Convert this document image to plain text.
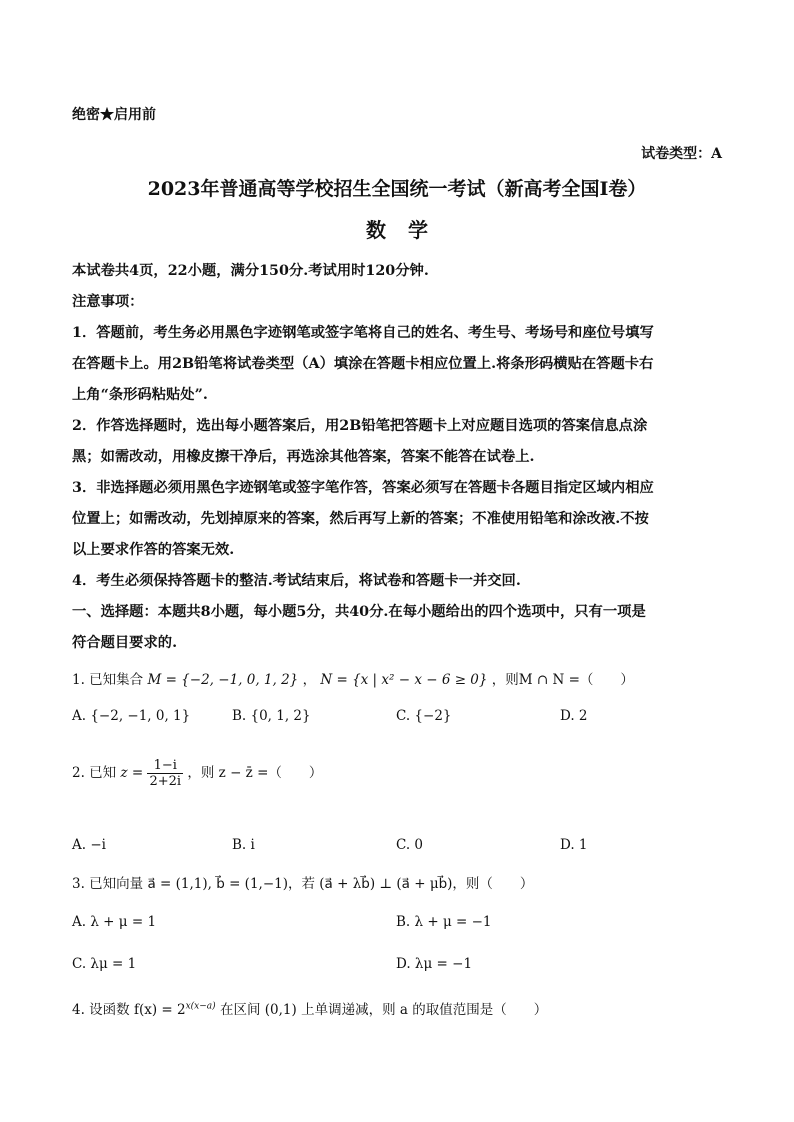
绝密★启用前
试卷类型：A
2023年普通高等学校招生全国统一考试（新高考全国Ⅰ卷）
数学
本试卷共4页，22小题，满分150分.考试用时120分钟.
注意事项：
1．答题前，考生务必用黑色字迹钢笔或签字笔将自己的姓名、考生号、考场号和座位号填写
在答题卡上。用2B铅笔将试卷类型（A）填涂在答题卡相应位置上.将条形码横贴在答题卡右
上角“条形码粘贴处”.
2．作答选择题时，选出每小题答案后，用2B铅笔把答题卡上对应题目选项的答案信息点涂
黑；如需改动，用橡皮擦干净后，再选涂其他答案，答案不能答在试卷上.
3．非选择题必须用黑色字迹钢笔或签字笔作答，答案必须写在答题卡各题目指定区域内相应
位置上；如需改动，先划掉原来的答案，然后再写上新的答案；不准使用铅笔和涂改液.不按
以上要求作答的答案无效.
4．考生必须保持答题卡的整洁.考试结束后，将试卷和答题卡一并交回.
一、选择题：本题共8小题，每小题5分，共40分.在每小题给出的四个选项中，只有一项是
符合题目要求的.
1. 已知集合 M = {−2, −1, 0, 1, 2} ， N = {x | x² − x − 6 ≥ 0} ，则M ∩ N =（　　）
A. {−2, −1, 0, 1}	B. {0, 1, 2}	C. {−2}	D. 2
2. 已知 $z = \frac{1-i}{2+2i}$ ，则 z − z̄ =（　　）
A. −i	B. i	C. 0	D. 1
3. 已知向量 a⃗ = (1,1), b⃗ = (1,−1)，若 (a⃗ + λb⃗) ⊥ (a⃗ + μb⃗)，则（　　）
A. λ + μ = 1	B. λ + μ = −1
C. λμ = 1	D. λμ = −1
4. 设函数 $f(x) = 2^{x(x-a)}$ 在区间 (0,1) 上单调递减，则 a 的取值范围是（　　）
